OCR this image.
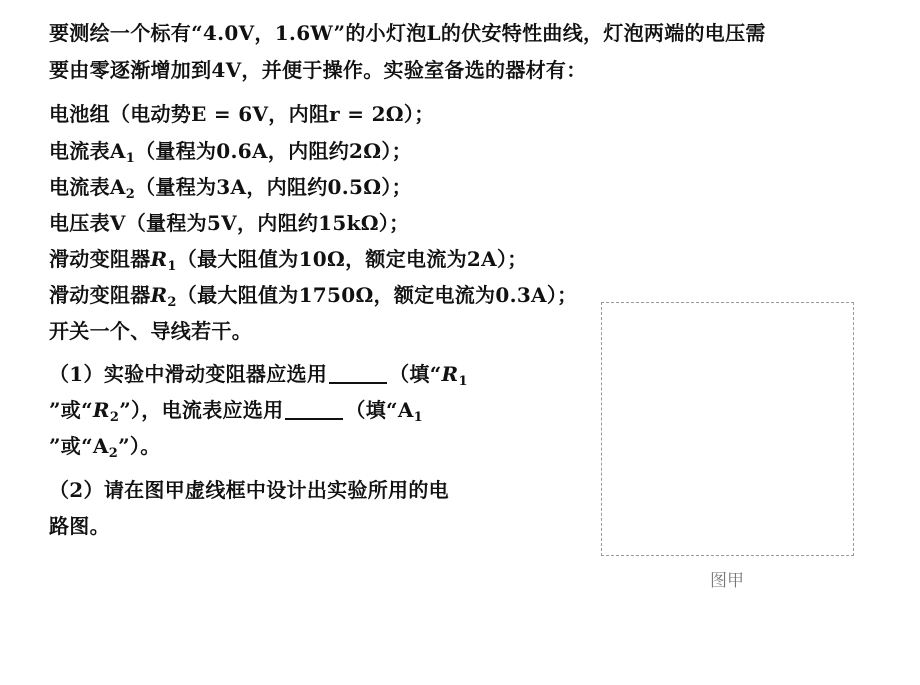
要测绘一个标有“4.0V，1.6W”的小灯泡L的伏安特性曲线，灯泡两端的电压需
要由零逐渐增加到4V，并便于操作。实验室备选的器材有：
电池组（电动势E = 6V，内阻r = 2Ω）；
电流表$A_1$（量程为0.6A，内阻约2Ω）；
电流表$A_2$（量程为3A，内阻约0.5Ω）；
电压表V（量程为5V，内阻约15kΩ）；
滑动变阻器$R_1$（最大阻值为10Ω，额定电流为2A）；
滑动变阻器$R_2$（最大阻值为1750Ω，额定电流为0.3A）；
开关一个、导线若干。
（1）实验中滑动变阻器应选用	（填“$R_1$
”或“$R_2$”），电流表应选用	（填“$A_1$
”或“$A_2$”）。
（2）请在图甲虚线框中设计出实验所用的电
路图。
图甲
